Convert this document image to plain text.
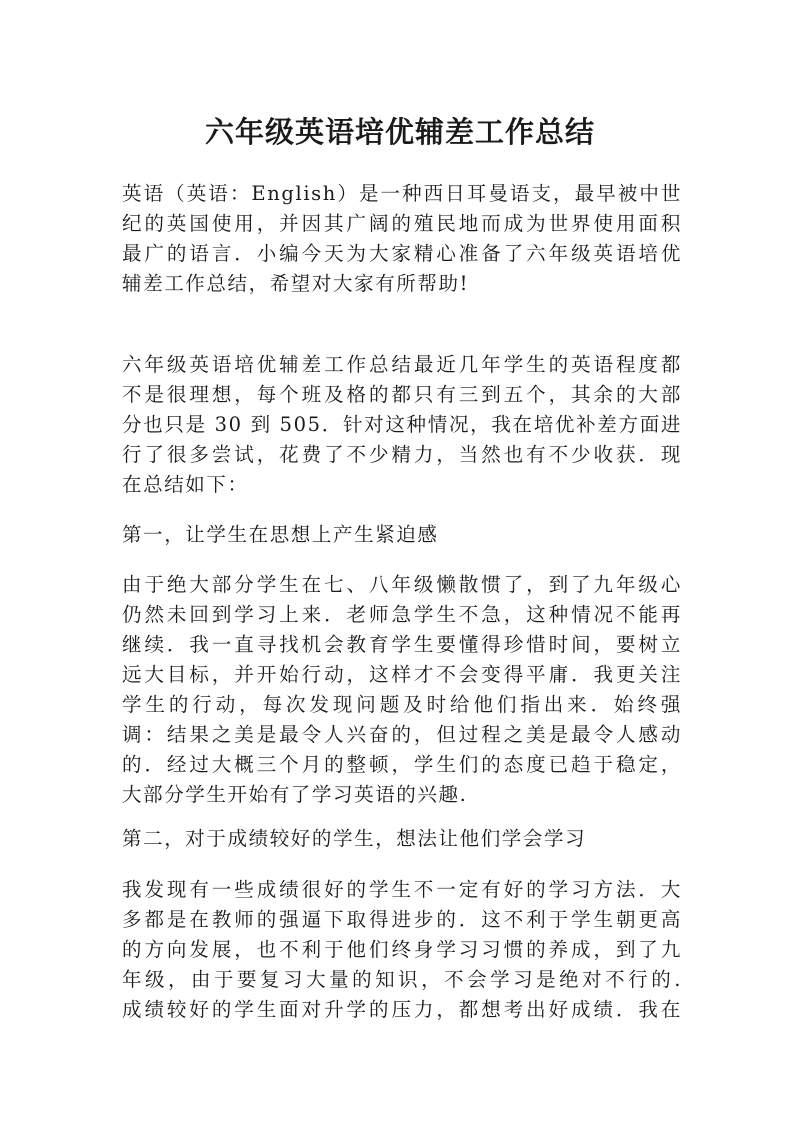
六年级英语培优辅差工作总结
英语（英语：English）是一种西日耳曼语支，最早被中世
纪的英国使用，并因其广阔的殖民地而成为世界使用面积
最广的语言．小编今天为大家精心准备了六年级英语培优
辅差工作总结，希望对大家有所帮助!
六年级英语培优辅差工作总结最近几年学生的英语程度都
不是很理想，每个班及格的都只有三到五个，其余的大部
分也只是 30 到 505．针对这种情况，我在培优补差方面进
行了很多尝试，花费了不少精力，当然也有不少收获．现
在总结如下：
第一，让学生在思想上产生紧迫感
由于绝大部分学生在七、八年级懒散惯了，到了九年级心
仍然未回到学习上来．老师急学生不急，这种情况不能再
继续．我一直寻找机会教育学生要懂得珍惜时间，要树立
远大目标，并开始行动，这样才不会变得平庸．我更关注
学生的行动，每次发现问题及时给他们指出来．始终强
调：结果之美是最令人兴奋的，但过程之美是最令人感动
的．经过大概三个月的整顿，学生们的态度已趋于稳定，
大部分学生开始有了学习英语的兴趣.
第二，对于成绩较好的学生，想法让他们学会学习
我发现有一些成绩很好的学生不一定有好的学习方法．大
多都是在教师的强逼下取得进步的．这不利于学生朝更高
的方向发展，也不利于他们终身学习习惯的养成，到了九
年级，由于要复习大量的知识，不会学习是绝对不行的.
成绩较好的学生面对升学的压力，都想考出好成绩．我在
